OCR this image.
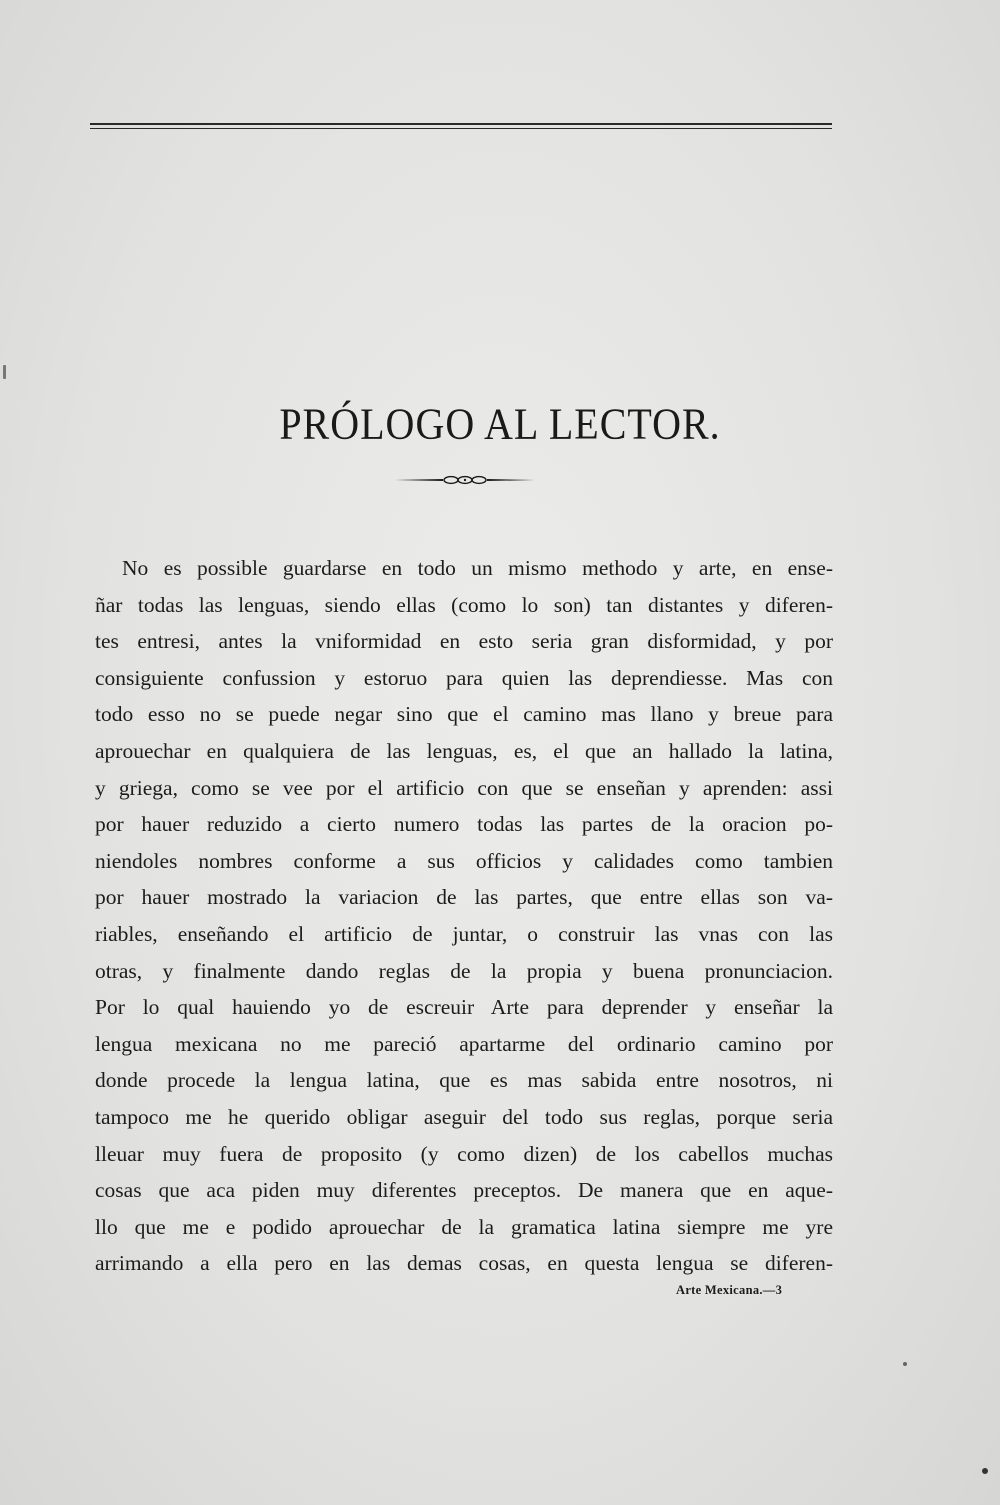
PRÓLOGO AL LECTOR.
No es possible guardarse en todo un mismo methodo y arte, en ense-
ñar todas las lenguas, siendo ellas (como lo son) tan distantes y diferen-
tes entresi, antes la vniformidad en esto seria gran disformidad, y por
consiguiente confussion y estoruo para quien las deprendiesse. Mas con
todo esso no se puede negar sino que el camino mas llano y breue para
aprouechar en qualquiera de las lenguas, es, el que an hallado la latina,
y griega, como se vee por el artificio con que se enseñan y aprenden: assi
por hauer reduzido a cierto numero todas las partes de la oracion po-
niendoles nombres conforme a sus officios y calidades como tambien
por hauer mostrado la variacion de las partes, que entre ellas son va-
riables, enseñando el artificio de juntar, o construir las vnas con las
otras, y finalmente dando reglas de la propia y buena pronunciacion.
Por lo qual hauiendo yo de escreuir Arte para deprender y enseñar la
lengua mexicana no me pareció apartarme del ordinario camino por
donde procede la lengua latina, que es mas sabida entre nosotros, ni
tampoco me he querido obligar aseguir del todo sus reglas, porque seria
lleuar muy fuera de proposito (y como dizen) de los cabellos muchas
cosas que aca piden muy diferentes preceptos. De manera que en aque-
llo que me e podido aprouechar de la gramatica latina siempre me yre
arrimando a ella pero en las demas cosas, en questa lengua se diferen-
Arte Mexicana.—3
